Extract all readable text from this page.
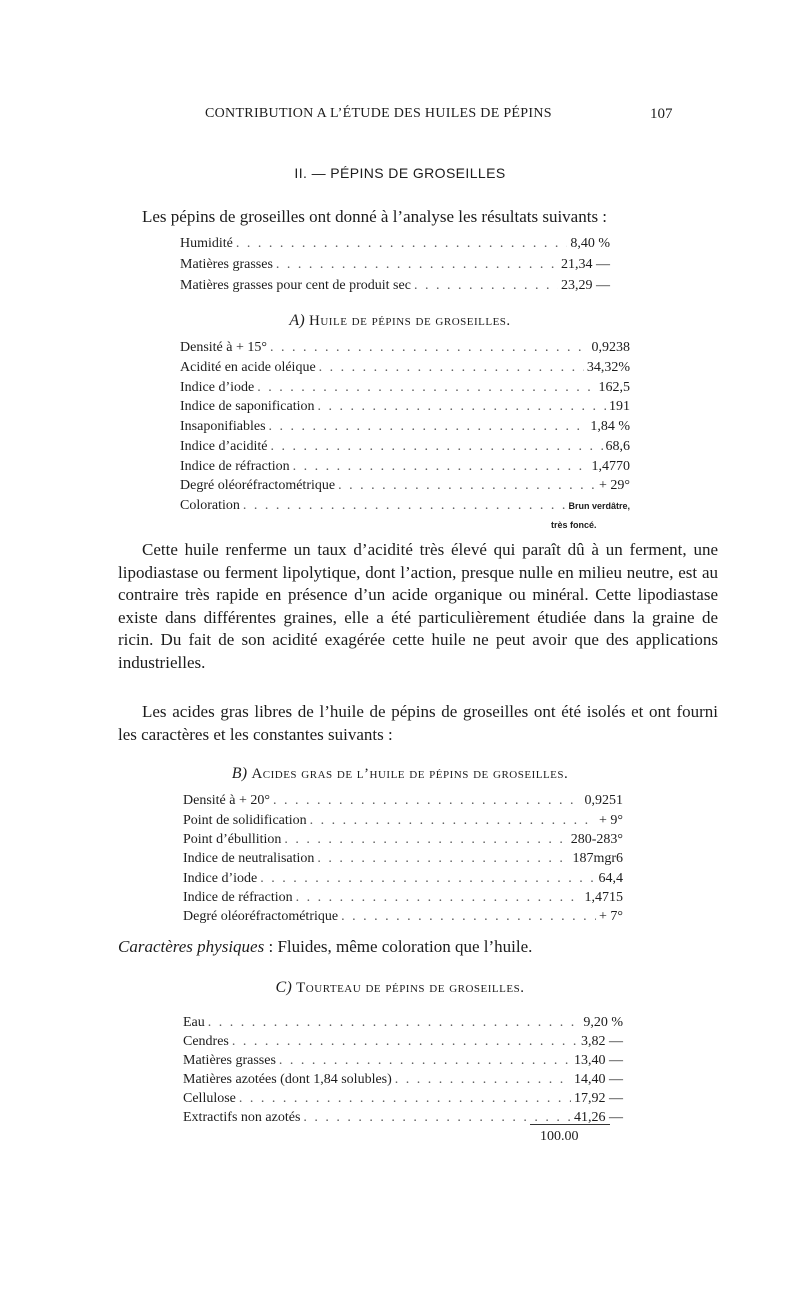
CONTRIBUTION A L’ÉTUDE DES HUILES DE PÉPINS	107
II. — PÉPINS DE GROSEILLES

Les pépins de groseilles ont donné à l’analyse les résultats suivants :

Humidité . . .	8,40 %
Matières grasses . . .	21,34 —
Matières grasses pour cent de produit sec . . .	23,29 —
A) Huile de pépins de groseilles.
Densité à + 15° . . .	0,9238
Acidité en acide oléique . . .	34,32%
Indice d’iode . . .	162,5
Indice de saponification . . .	191
Insaponifiables . . .	1,84 %
Indice d’acidité . . .	68,6
Indice de réfraction . . .	1,4770
Degré oléoréfractométrique . . .	+ 29°
Coloration . . .	Brun verdâtre,
très foncé.

Cette huile renferme un taux d’acidité très élevé qui paraît dû à un ferment, une lipodiastase ou ferment lipolytique, dont l’action, presque nulle en milieu neutre, est au contraire très rapide en présence d’un acide organique ou minéral. Cette lipodiastase existe dans différentes graines, elle a été particulièrement étudiée dans la graine de ricin. Du fait de son acidité exagérée cette huile ne peut avoir que des applications industrielles.

Les acides gras libres de l’huile de pépins de groseilles ont été isolés et ont fourni les caractères et les constantes suivants :

B) Acides gras de l’huile de pépins de groseilles.
Densité à + 20° . . .	0,9251
Point de solidification . . .	+ 9°
Point d’ébullition . . .	280-283°
Indice de neutralisation . . .	187mgr6
Indice d’iode . . .	64,4
Indice de réfraction . . .	1,4715
Degré oléoréfractométrique . . .	+ 7°
Caractères physiques : Fluides, même coloration que l’huile.
C) Tourteau de pépins de groseilles.
Eau . . .	9,20 %
Cendres . . .	3,82 —
Matières grasses . . .	13,40 —
Matières azotées (dont 1,84 solubles) . . .	14,40 —
Cellulose . . .	17,92 —
Extractifs non azotés . . .	41,26 —
100.00
